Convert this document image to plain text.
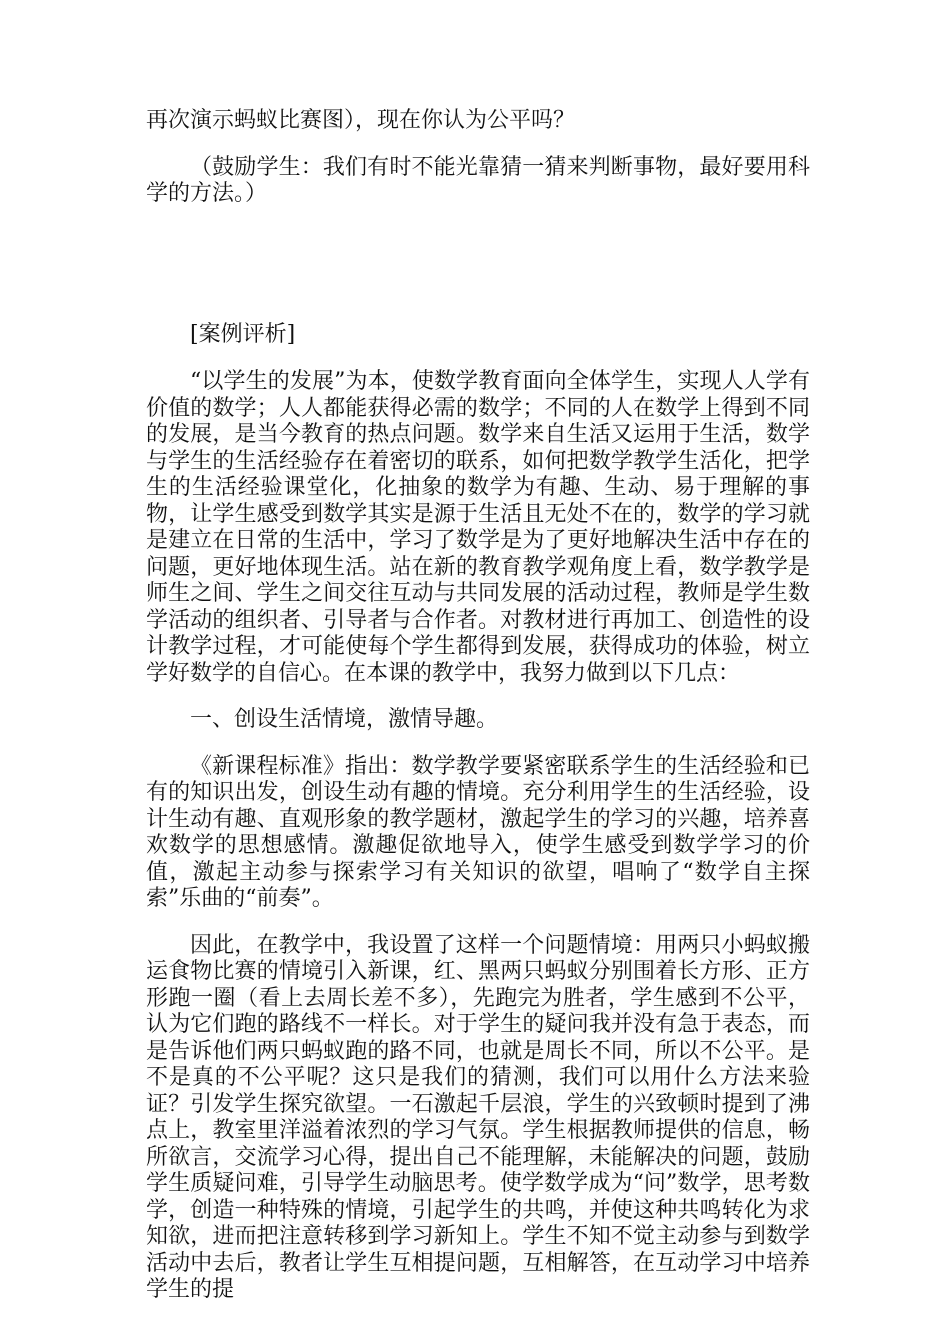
再次演示蚂蚁比赛图），现在你认为公平吗？

（鼓励学生：我们有时不能光靠猜一猜来判断事物，最好要用科学的方法。）

[案例评析]

“以学生的发展”为本，使数学教育面向全体学生，实现人人学有价值的数学；人人都能获得必需的数学；不同的人在数学上得到不同的发展，是当今教育的热点问题。数学来自生活又运用于生活，数学与学生的生活经验存在着密切的联系，如何把数学教学生活化，把学生的生活经验课堂化，化抽象的数学为有趣、生动、易于理解的事物，让学生感受到数学其实是源于生活且无处不在的，数学的学习就是建立在日常的生活中，学习了数学是为了更好地解决生活中存在的问题，更好地体现生活。站在新的教育教学观角度上看，数学教学是师生之间、学生之间交往互动与共同发展的活动过程，教师是学生数学活动的组织者、引导者与合作者。对教材进行再加工、创造性的设计教学过程，才可能使每个学生都得到发展，获得成功的体验，树立学好数学的自信心。在本课的教学中，我努力做到以下几点：

一、创设生活情境，激情导趣。

《新课程标准》指出：数学教学要紧密联系学生的生活经验和已有的知识出发，创设生动有趣的情境。充分利用学生的生活经验，设计生动有趣、直观形象的教学题材，激起学生的学习的兴趣，培养喜欢数学的思想感情。激趣促欲地导入，使学生感受到数学学习的价值，激起主动参与探索学习有关知识的欲望，唱响了“数学自主探索”乐曲的“前奏”。

因此，在教学中，我设置了这样一个问题情境：用两只小蚂蚁搬运食物比赛的情境引入新课，红、黑两只蚂蚁分别围着长方形、正方形跑一圈（看上去周长差不多），先跑完为胜者，学生感到不公平，认为它们跑的路线不一样长。对于学生的疑问我并没有急于表态，而是告诉他们两只蚂蚁跑的路不同，也就是周长不同，所以不公平。是不是真的不公平呢？这只是我们的猜测，我们可以用什么方法来验证？引发学生探究欲望。一石激起千层浪，学生的兴致顿时提到了沸点上，教室里洋溢着浓烈的学习气氛。学生根据教师提供的信息，畅所欲言，交流学习心得，提出自己不能理解，未能解决的问题，鼓励学生质疑问难，引导学生动脑思考。使学数学成为“问”数学，思考数学，创造一种特殊的情境，引起学生的共鸣，并使这种共鸣转化为求知欲，进而把注意转移到学习新知上。学生不知不觉主动参与到数学活动中去后，教者让学生互相提问题，互相解答，在互动学习中培养学生的提
